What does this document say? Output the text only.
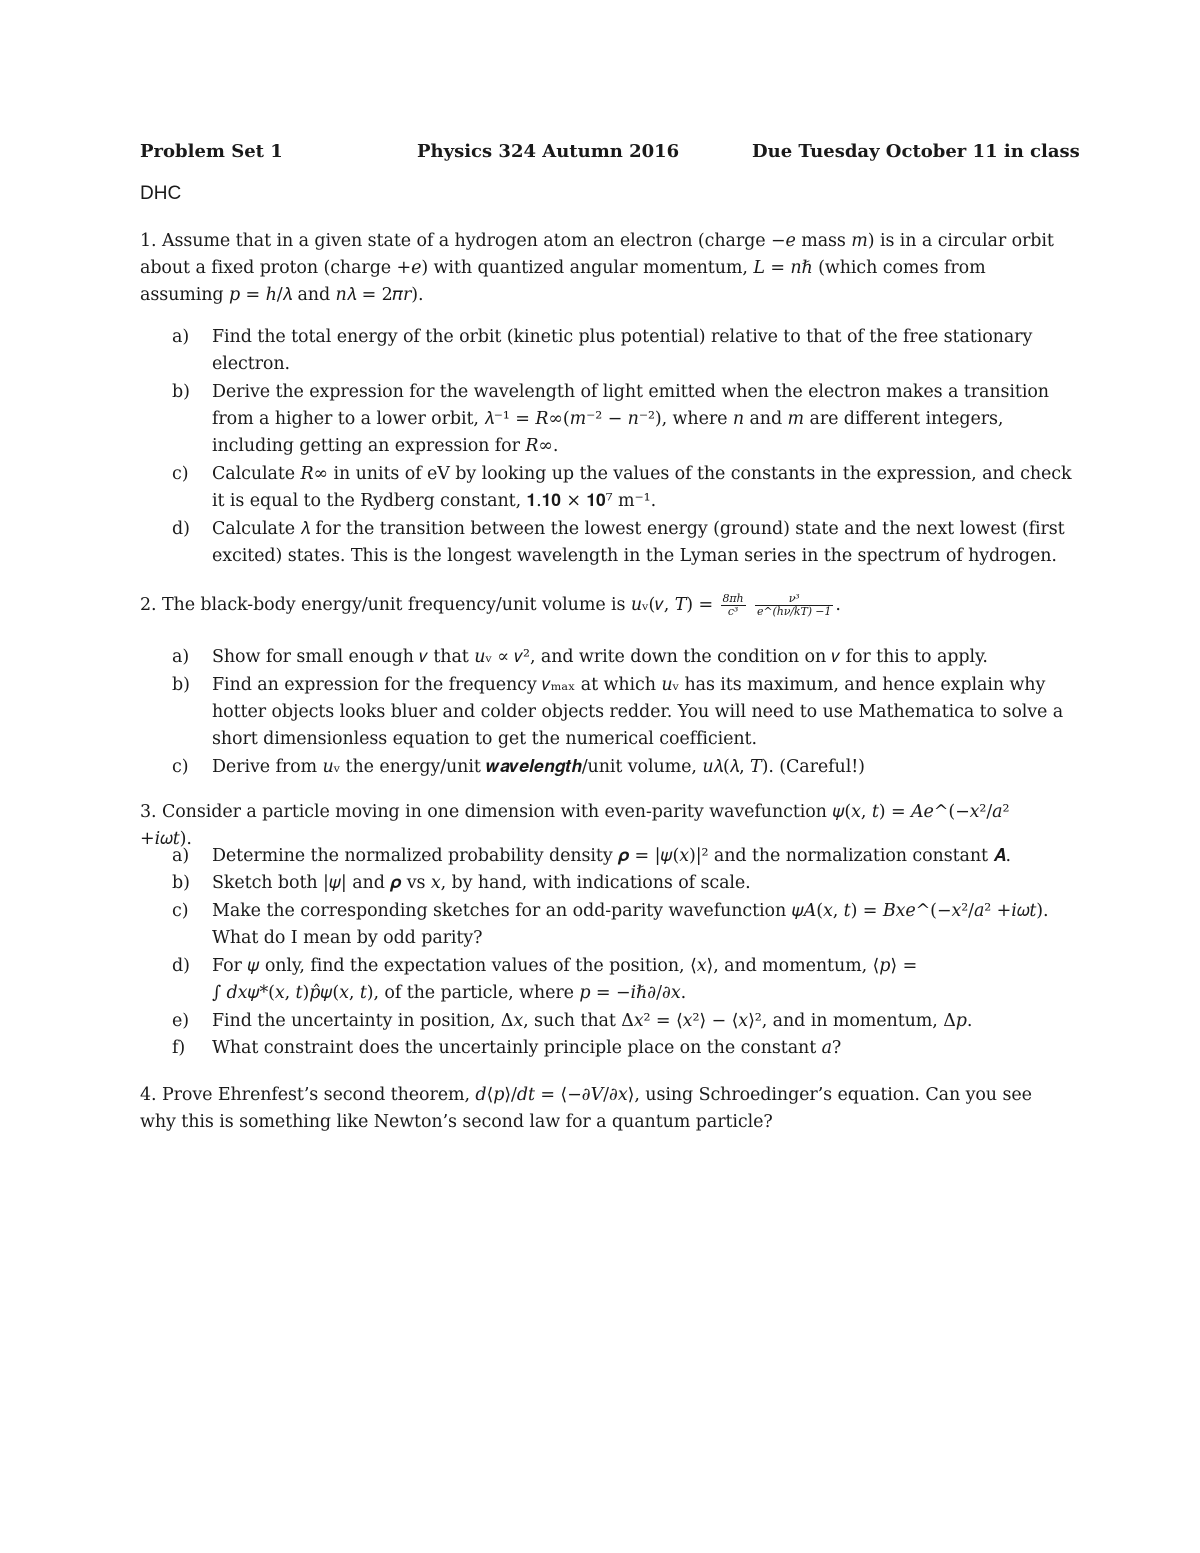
Problem Set 1	Physics 324 Autumn 2016	Due Tuesday October 11 in class
DHC
1. Assume that in a given state of a hydrogen atom an electron (charge −𝑒 mass 𝑚) is in a circular orbit
about a fixed proton (charge +𝑒) with quantized angular momentum, 𝐿 = 𝑛ℏ (which comes from
assuming 𝑝 = ℎ/𝜆 and 𝑛𝜆 = 2𝜋𝑟).
a) Find the total energy of the orbit (kinetic plus potential) relative to that of the free stationary
electron.
b) Derive the expression for the wavelength of light emitted when the electron makes a transition
from a higher to a lower orbit, 𝜆⁻¹ = 𝑅∞(𝑚⁻² − 𝑛⁻²), where 𝑛 and 𝑚 are different integers,
including getting an expression for 𝑅∞.
c) Calculate 𝑅∞ in units of eV by looking up the values of the constants in the expression, and check
it is equal to the Rydberg constant, 𝟏.𝟏𝟎 × 𝟏𝟎⁷ m⁻¹.
d) Calculate 𝜆 for the transition between the lowest energy (ground) state and the next lowest (first
excited) states. This is the longest wavelength in the Lyman series in the spectrum of hydrogen.
2. The black-body energy/unit frequency/unit volume is 𝑢ᵥ(𝜈, 𝑇) = $\frac{8\pi h}{\text{c³}}$
$\frac{\text{ν³}}{e\^{}(h\nu/kT) -1}$ .
a) Show for small enough 𝜈 that 𝑢ᵥ ∝ 𝜈², and write down the condition on 𝜈 for this to apply.
b) Find an expression for the frequency 𝜈ₘₐₓ at which 𝑢ᵥ has its maximum, and hence explain why
hotter objects looks bluer and colder objects redder. You will need to use Mathematica to solve a
short dimensionless equation to get the numerical coefficient.
c) Derive from 𝑢ᵥ the energy/unit 𝒘𝒂𝒗𝒆𝒍𝒆𝒏𝒈𝒕𝒉/unit volume, 𝑢𝜆(𝜆, 𝑇). (Careful!)
3. Consider a particle moving in one dimension with even-parity wavefunction 𝜓(𝑥, 𝑡) = 𝐴𝑒^(−𝑥²/𝑎² +𝑖𝜔𝑡).
a) Determine the normalized probability density 𝝆 = |𝜓(𝑥)|² and the normalization constant 𝑨.
b) Sketch both |𝜓| and 𝝆 vs 𝑥, by hand, with indications of scale.
c) Make the corresponding sketches for an odd-parity wavefunction 𝜓𝐴(𝑥, 𝑡) = 𝐵𝑥𝑒^(−𝑥²/𝑎² +𝑖𝜔𝑡).
What do I mean by odd parity?
d) For 𝜓 only, find the expectation values of the position, ⟨𝑥⟩, and momentum, ⟨𝑝⟩ =
∫ 𝑑𝑥𝜓*(𝑥, 𝑡)𝑝̂𝜓(𝑥, 𝑡), of the particle, where 𝑝 = −𝑖ℏ∂/∂𝑥.
e) Find the uncertainty in position, Δ𝑥, such that Δ𝑥² = ⟨𝑥²⟩ − ⟨𝑥⟩², and in momentum, Δ𝑝.
f) What constraint does the uncertainly principle place on the constant 𝑎?
4. Prove Ehrenfest’s second theorem, 𝑑⟨𝑝⟩/𝑑𝑡 = ⟨−∂𝑉/∂𝑥⟩, using Schroedinger’s equation. Can you see
why this is something like Newton’s second law for a quantum particle?
